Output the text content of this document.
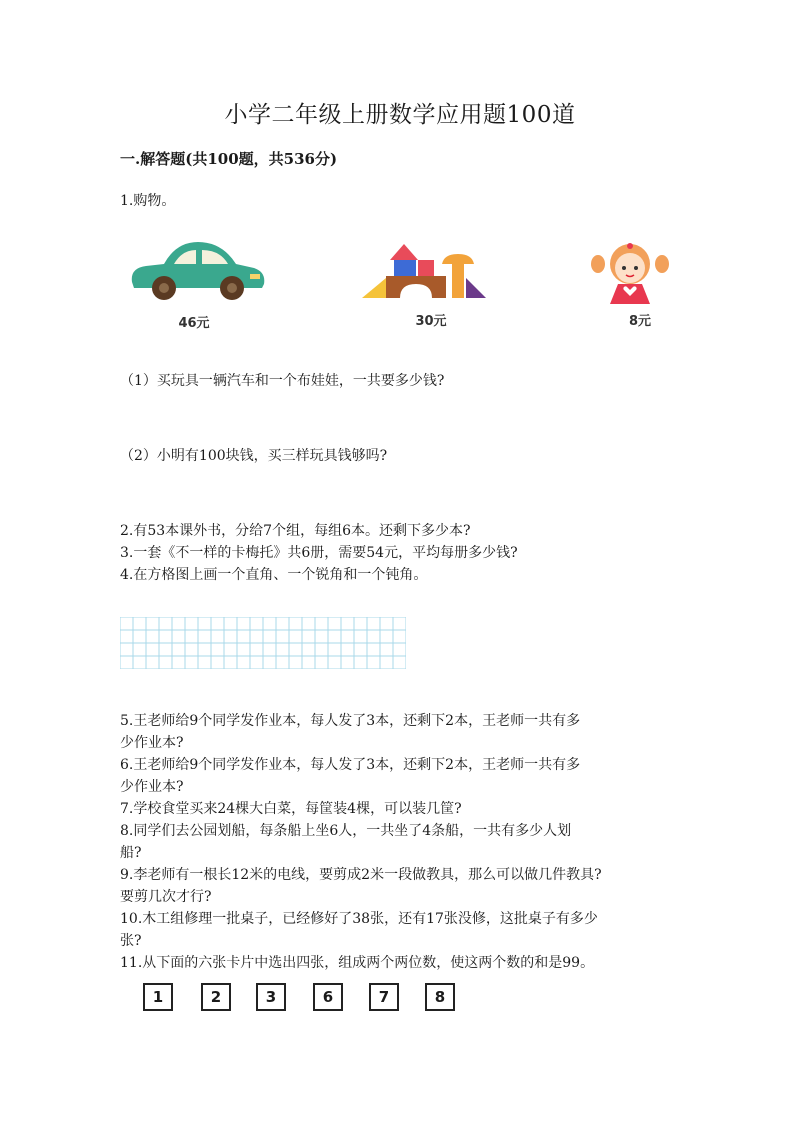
小学二年级上册数学应用题100道
一.解答题(共100题，共536分)
1.购物。
46元	30元	8元
（1）买玩具一辆汽车和一个布娃娃，一共要多少钱?
（2）小明有100块钱，买三样玩具钱够吗?
2.有53本课外书，分给7个组，每组6本。还剩下多少本?
3.一套《不一样的卡梅托》共6册，需要54元，平均每册多少钱?
4.在方格图上画一个直角、一个锐角和一个钝角。
5.王老师给9个同学发作业本，每人发了3本，还剩下2本，王老师一共有多
少作业本?
6.王老师给9个同学发作业本，每人发了3本，还剩下2本，王老师一共有多
少作业本?
7.学校食堂买来24棵大白菜，每筐装4棵，可以装几筐?
8.同学们去公园划船，每条船上坐6人，一共坐了4条船，一共有多少人划
船?
9.李老师有一根长12米的电线，要剪成2米一段做教具，那么可以做几件教具?
要剪几次才行?
10.木工组修理一批桌子，已经修好了38张，还有17张没修，这批桌子有多少
张?
11.从下面的六张卡片中选出四张，组成两个两位数，使这两个数的和是99。
1	2	3	6	7	8
